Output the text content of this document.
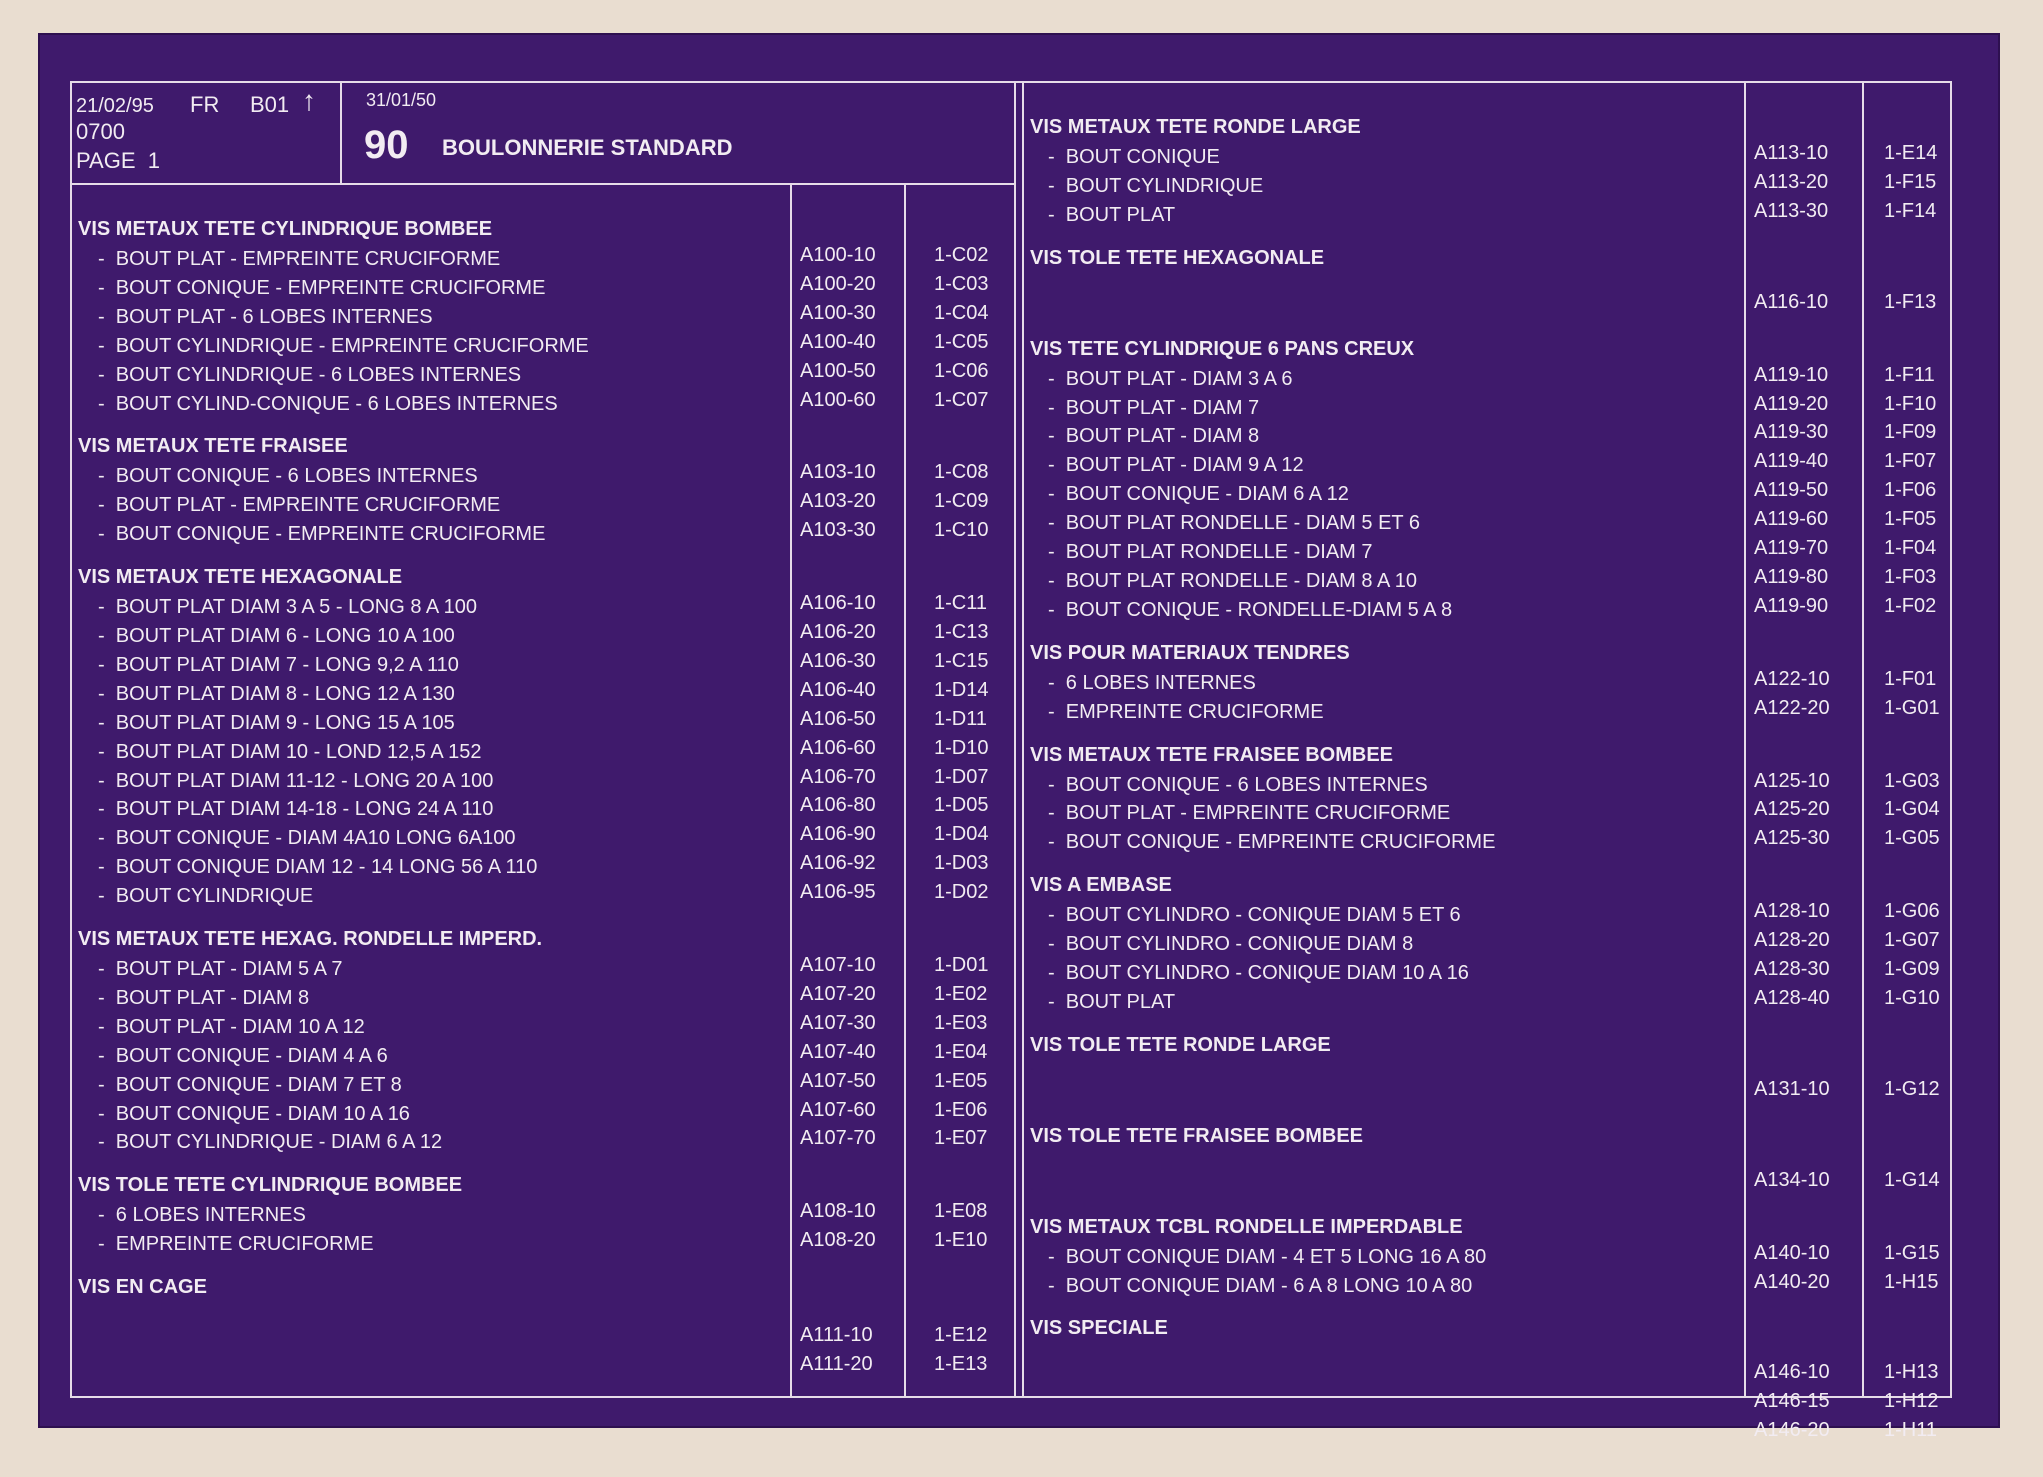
21/02/95 FR B01 ↑
0700
PAGE  1
31/01/50
90 BOULONNERIE STANDARD
VIS METAUX TETE CYLINDRIQUE BOMBEE
-  BOUT PLAT - EMPREINTE CRUCIFORME	A100-10	1-C02
-  BOUT CONIQUE - EMPREINTE CRUCIFORME	A100-20	1-C03
-  BOUT PLAT - 6 LOBES INTERNES	A100-30	1-C04
-  BOUT CYLINDRIQUE - EMPREINTE CRUCIFORME	A100-40	1-C05
-  BOUT CYLINDRIQUE - 6 LOBES INTERNES	A100-50	1-C06
-  BOUT CYLIND-CONIQUE - 6 LOBES INTERNES	A100-60	1-C07
VIS METAUX TETE FRAISEE
-  BOUT CONIQUE - 6 LOBES INTERNES	A103-10	1-C08
-  BOUT PLAT - EMPREINTE CRUCIFORME	A103-20	1-C09
-  BOUT CONIQUE - EMPREINTE CRUCIFORME	A103-30	1-C10
VIS METAUX TETE HEXAGONALE
-  BOUT PLAT DIAM 3 A 5 - LONG 8 A 100	A106-10	1-C11
-  BOUT PLAT DIAM 6 - LONG 10 A 100	A106-20	1-C13
-  BOUT PLAT DIAM 7 - LONG 9,2 A 110	A106-30	1-C15
-  BOUT PLAT DIAM 8 - LONG 12 A 130	A106-40	1-D14
-  BOUT PLAT DIAM 9 - LONG 15 A 105	A106-50	1-D11
-  BOUT PLAT DIAM 10 - LOND 12,5 A 152	A106-60	1-D10
-  BOUT PLAT DIAM 11-12 - LONG 20 A 100	A106-70	1-D07
-  BOUT PLAT DIAM 14-18 - LONG 24 A 110	A106-80	1-D05
-  BOUT CONIQUE - DIAM 4A10 LONG 6A100	A106-90	1-D04
-  BOUT CONIQUE DIAM 12 - 14 LONG 56 A 110	A106-92	1-D03
-  BOUT CYLINDRIQUE	A106-95	1-D02
VIS METAUX TETE HEXAG. RONDELLE IMPERD.
-  BOUT PLAT - DIAM 5 A 7	A107-10	1-D01
-  BOUT PLAT - DIAM 8	A107-20	1-E02
-  BOUT PLAT - DIAM 10 A 12	A107-30	1-E03
-  BOUT CONIQUE - DIAM 4 A 6	A107-40	1-E04
-  BOUT CONIQUE - DIAM 7 ET 8	A107-50	1-E05
-  BOUT CONIQUE - DIAM 10 A 16	A107-60	1-E06
-  BOUT CYLINDRIQUE - DIAM 6 A 12	A107-70	1-E07
VIS TOLE TETE CYLINDRIQUE BOMBEE
-  6 LOBES INTERNES	A108-10	1-E08
-  EMPREINTE CRUCIFORME	A108-20	1-E10
VIS EN CAGE
A111-10	1-E12
A111-20	1-E13
VIS METAUX TETE RONDE LARGE
-  BOUT CONIQUE	A113-10	1-E14
-  BOUT CYLINDRIQUE	A113-20	1-F15
-  BOUT PLAT	A113-30	1-F14
VIS TOLE TETE HEXAGONALE
A116-10	1-F13
VIS TETE CYLINDRIQUE 6 PANS CREUX
-  BOUT PLAT - DIAM 3 A 6	A119-10	1-F11
-  BOUT PLAT - DIAM 7	A119-20	1-F10
-  BOUT PLAT - DIAM 8	A119-30	1-F09
-  BOUT PLAT - DIAM 9 A 12	A119-40	1-F07
-  BOUT CONIQUE - DIAM 6 A 12	A119-50	1-F06
-  BOUT PLAT RONDELLE - DIAM 5 ET 6	A119-60	1-F05
-  BOUT PLAT RONDELLE - DIAM 7	A119-70	1-F04
-  BOUT PLAT RONDELLE - DIAM 8 A 10	A119-80	1-F03
-  BOUT CONIQUE - RONDELLE-DIAM 5 A 8	A119-90	1-F02
VIS POUR MATERIAUX TENDRES
-  6 LOBES INTERNES	A122-10	1-F01
-  EMPREINTE CRUCIFORME	A122-20	1-G01
VIS METAUX TETE FRAISEE BOMBEE
-  BOUT CONIQUE - 6 LOBES INTERNES	A125-10	1-G03
-  BOUT PLAT - EMPREINTE CRUCIFORME	A125-20	1-G04
-  BOUT CONIQUE - EMPREINTE CRUCIFORME	A125-30	1-G05
VIS A EMBASE
-  BOUT CYLINDRO - CONIQUE DIAM 5 ET 6	A128-10	1-G06
-  BOUT CYLINDRO - CONIQUE DIAM 8	A128-20	1-G07
-  BOUT CYLINDRO - CONIQUE DIAM 10 A 16	A128-30	1-G09
-  BOUT PLAT	A128-40	1-G10
VIS TOLE TETE RONDE LARGE
A131-10	1-G12
VIS TOLE TETE FRAISEE BOMBEE
A134-10	1-G14
VIS METAUX TCBL RONDELLE IMPERDABLE
-  BOUT CONIQUE DIAM - 4 ET 5 LONG 16 A 80	A140-10	1-G15
-  BOUT CONIQUE DIAM - 6 A 8 LONG 10 A 80	A140-20	1-H15
VIS SPECIALE
A146-10	1-H13
A146-15	1-H12
A146-20	1-H11
